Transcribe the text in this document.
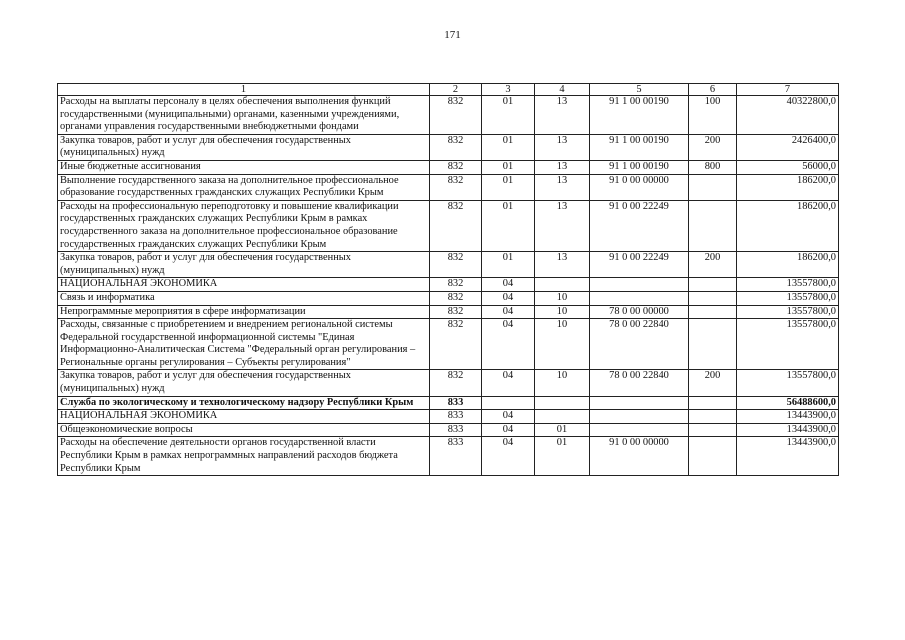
171
1	2	3	4	5	6	7
Расходы на выплаты персоналу в целях обеспечения выполнения функций государственными (муниципальными) органами, казенными учреждениями, органами управления государственными внебюджетными фондами	832	01	13	91 1 00 00190	100	40322800,0
Закупка товаров, работ и услуг для обеспечения государственных (муниципальных) нужд	832	01	13	91 1 00 00190	200	2426400,0
Иные бюджетные ассигнования	832	01	13	91 1 00 00190	800	56000,0
Выполнение государственного заказа на дополнительное профессиональное образование государственных гражданских служащих Республики Крым	832	01	13	91 0 00 00000		186200,0
Расходы на профессиональную переподготовку и повышение квалификации государственных гражданских служащих Республики Крым в рамках государственного заказа на дополнительное профессиональное образование государственных гражданских служащих Республики Крым	832	01	13	91 0 00 22249		186200,0
Закупка товаров, работ и услуг для обеспечения государственных (муниципальных) нужд	832	01	13	91 0 00 22249	200	186200,0
НАЦИОНАЛЬНАЯ ЭКОНОМИКА	832	04				13557800,0
Связь и информатика	832	04	10			13557800,0
Непрограммные мероприятия в сфере информатизации	832	04	10	78 0 00 00000		13557800,0
Расходы, связанные с приобретением и внедрением региональной системы Федеральной государственной информационной системы "Единая Информационно-Аналитическая Система "Федеральный орган регулирования – Региональные органы регулирования – Субъекты регулирования"	832	04	10	78 0 00 22840		13557800,0
Закупка товаров, работ и услуг для обеспечения государственных (муниципальных) нужд	832	04	10	78 0 00 22840	200	13557800,0
Служба по экологическому и технологическому надзору Республики Крым	833					56488600,0
НАЦИОНАЛЬНАЯ ЭКОНОМИКА	833	04				13443900,0
Общеэкономические вопросы	833	04	01			13443900,0
Расходы на обеспечение деятельности органов государственной власти Республики Крым в рамках непрограммных направлений расходов бюджета Республики Крым	833	04	01	91 0 00 00000		13443900,0
